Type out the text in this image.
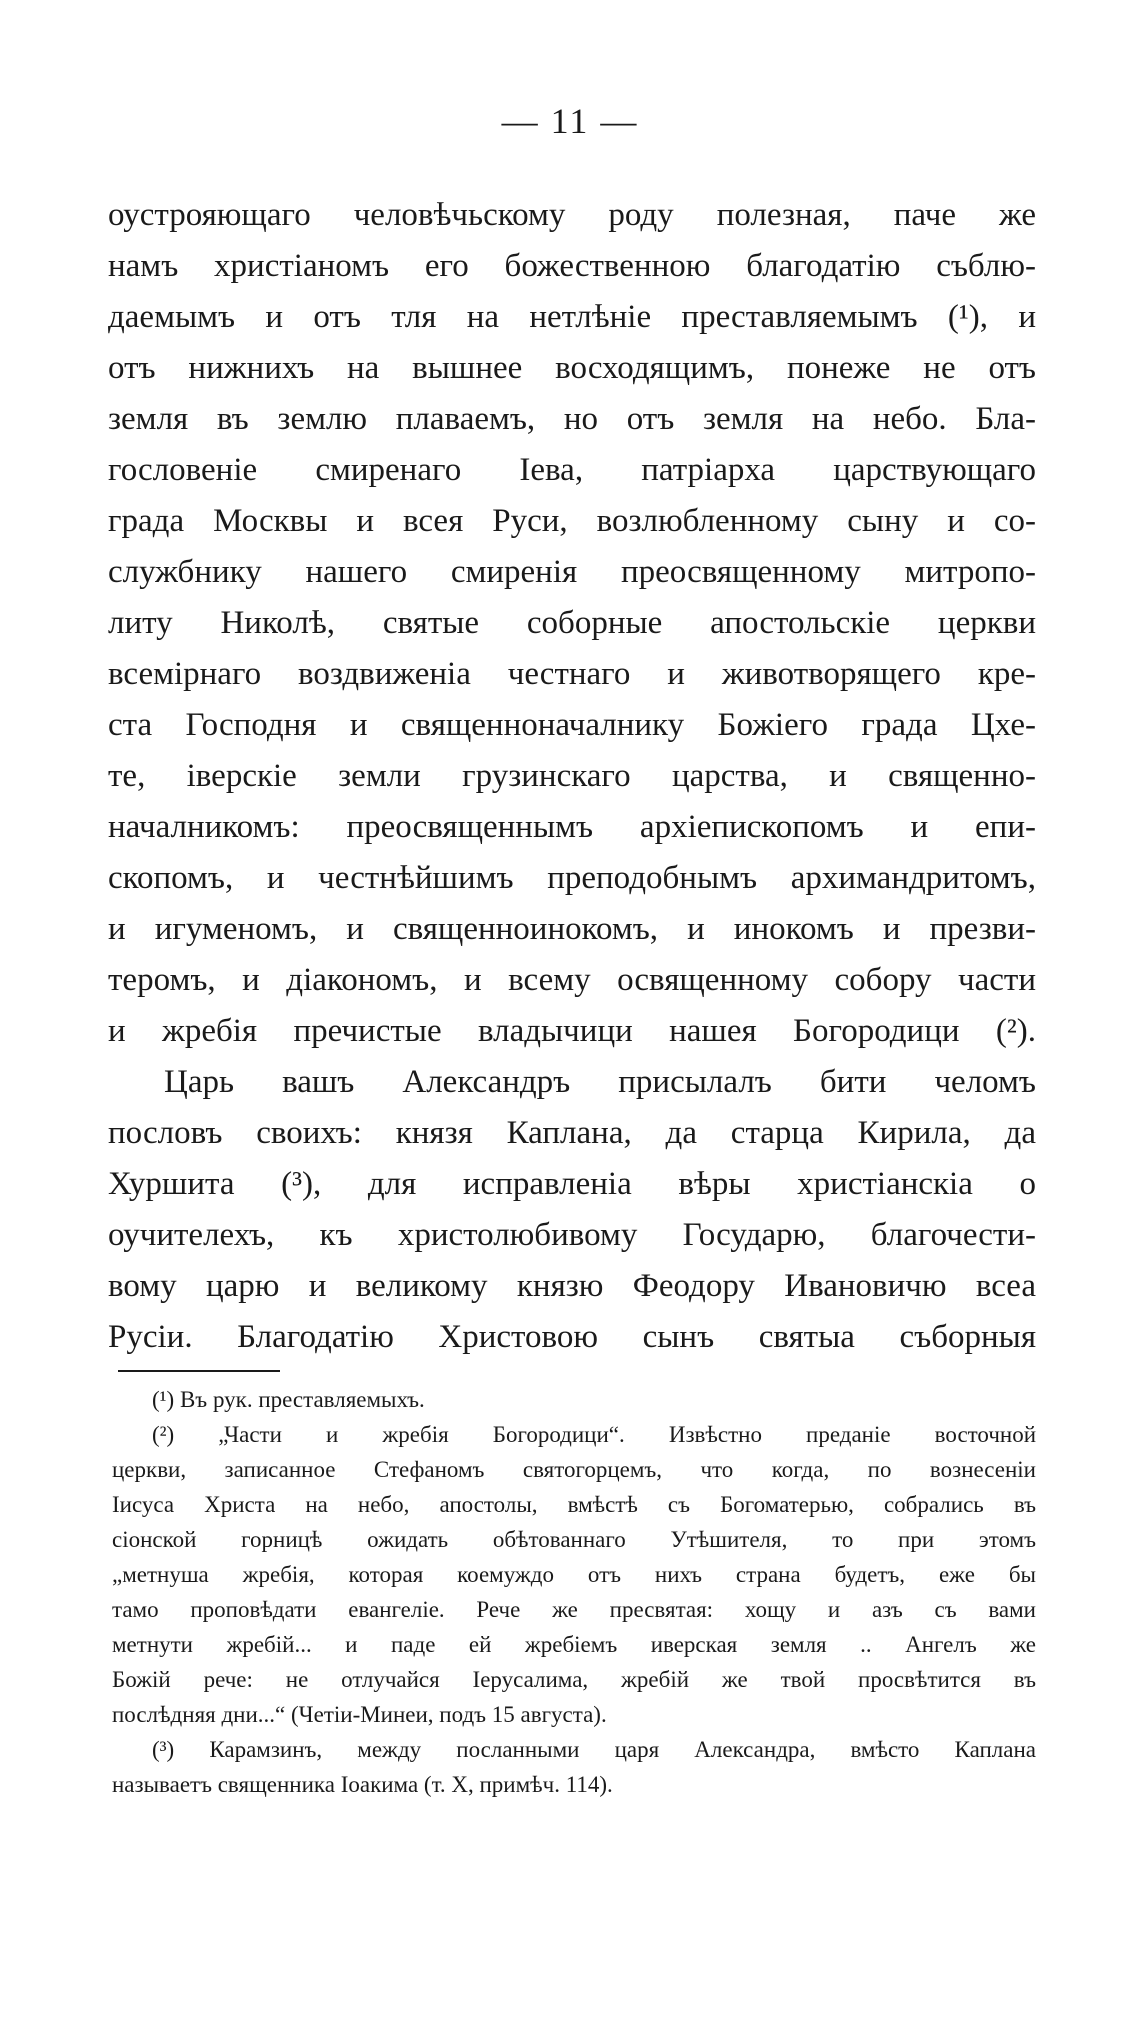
— 11 —
оустрояющаго человѣчьскому роду полезная, паче же
намъ христіаномъ его божественною благодатію съблю-
даемымъ и отъ тля на нетлѣніе преставляемымъ (¹), и
отъ нижнихъ на вышнее восходящимъ, понеже не отъ
земля въ землю плаваемъ, но отъ земля на небо. Бла-
гословеніе смиренаго Іева, патріарха царствующаго
града Москвы и всея Руси, возлюбленному сыну и со-
службнику нашего смиренія преосвященному митропо-
литу Николѣ, святые соборные апостольскіе церкви
всемірнаго воздвиженіа честнаго и животворящего кре-
ста Господня и священноначалнику Божіего града Цхе-
те, іверскіе земли грузинскаго царства, и священно-
началникомъ: преосвященнымъ архіепископомъ и епи-
скопомъ, и честнѣйшимъ преподобнымъ архимандритомъ,
и игуменомъ, и священноинокомъ, и инокомъ и презви-
теромъ, и діакономъ, и всему освященному собору части
и жребія пречистые владычици нашея Богородици (²).
Царь вашъ Александръ присылалъ бити челомъ
пословъ своихъ: князя Каплана, да старца Кирила, да
Хуршита (³), для исправленіа вѣры христіанскіа о
оучителехъ, къ христолюбивому Государю, благочести-
вому царю и великому князю Феодору Ивановичю всеа
Русіи. Благодатію Христовою сынъ святыа съборныя
(¹) Въ рук. преставляемыхъ.
(²) „Части и жребія Богородици“. Извѣстно преданіе восточной
церкви, записанное Стефаномъ святогорцемъ, что когда, по вознесеніи
Іисуса Христа на небо, апостолы, вмѣстѣ съ Богоматерью, собрались въ
сіонской горницѣ ожидать обѣтованнаго Утѣшителя, то при этомъ
„метнуша жребія, которая коемуждо отъ нихъ страна будетъ, еже бы
тамо проповѣдати евангеліе. Рече же пресвятая: хощу и азъ съ вами
метнути жребій... и паде ей жребіемъ иверская земля .. Ангелъ же
Божій рече: не отлучайся Іерусалима, жребій же твой просвѣтится въ
послѣдняя дни...“ (Четіи-Минеи, подъ 15 августа).
(³) Карамзинъ, между посланными царя Александра, вмѣсто Каплана
называетъ священника Іоакима (т. X, примѣч. 114).
